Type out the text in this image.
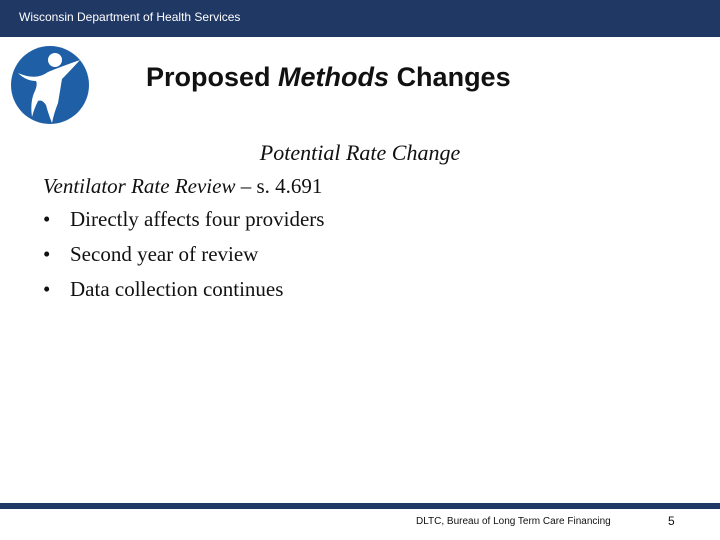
Wisconsin Department of Health Services
Proposed Methods Changes
Potential Rate Change
Ventilator Rate Review – s. 4.691
• Directly affects four providers
• Second year of review
• Data collection continues
DLTC, Bureau of Long Term Care Financing	5
